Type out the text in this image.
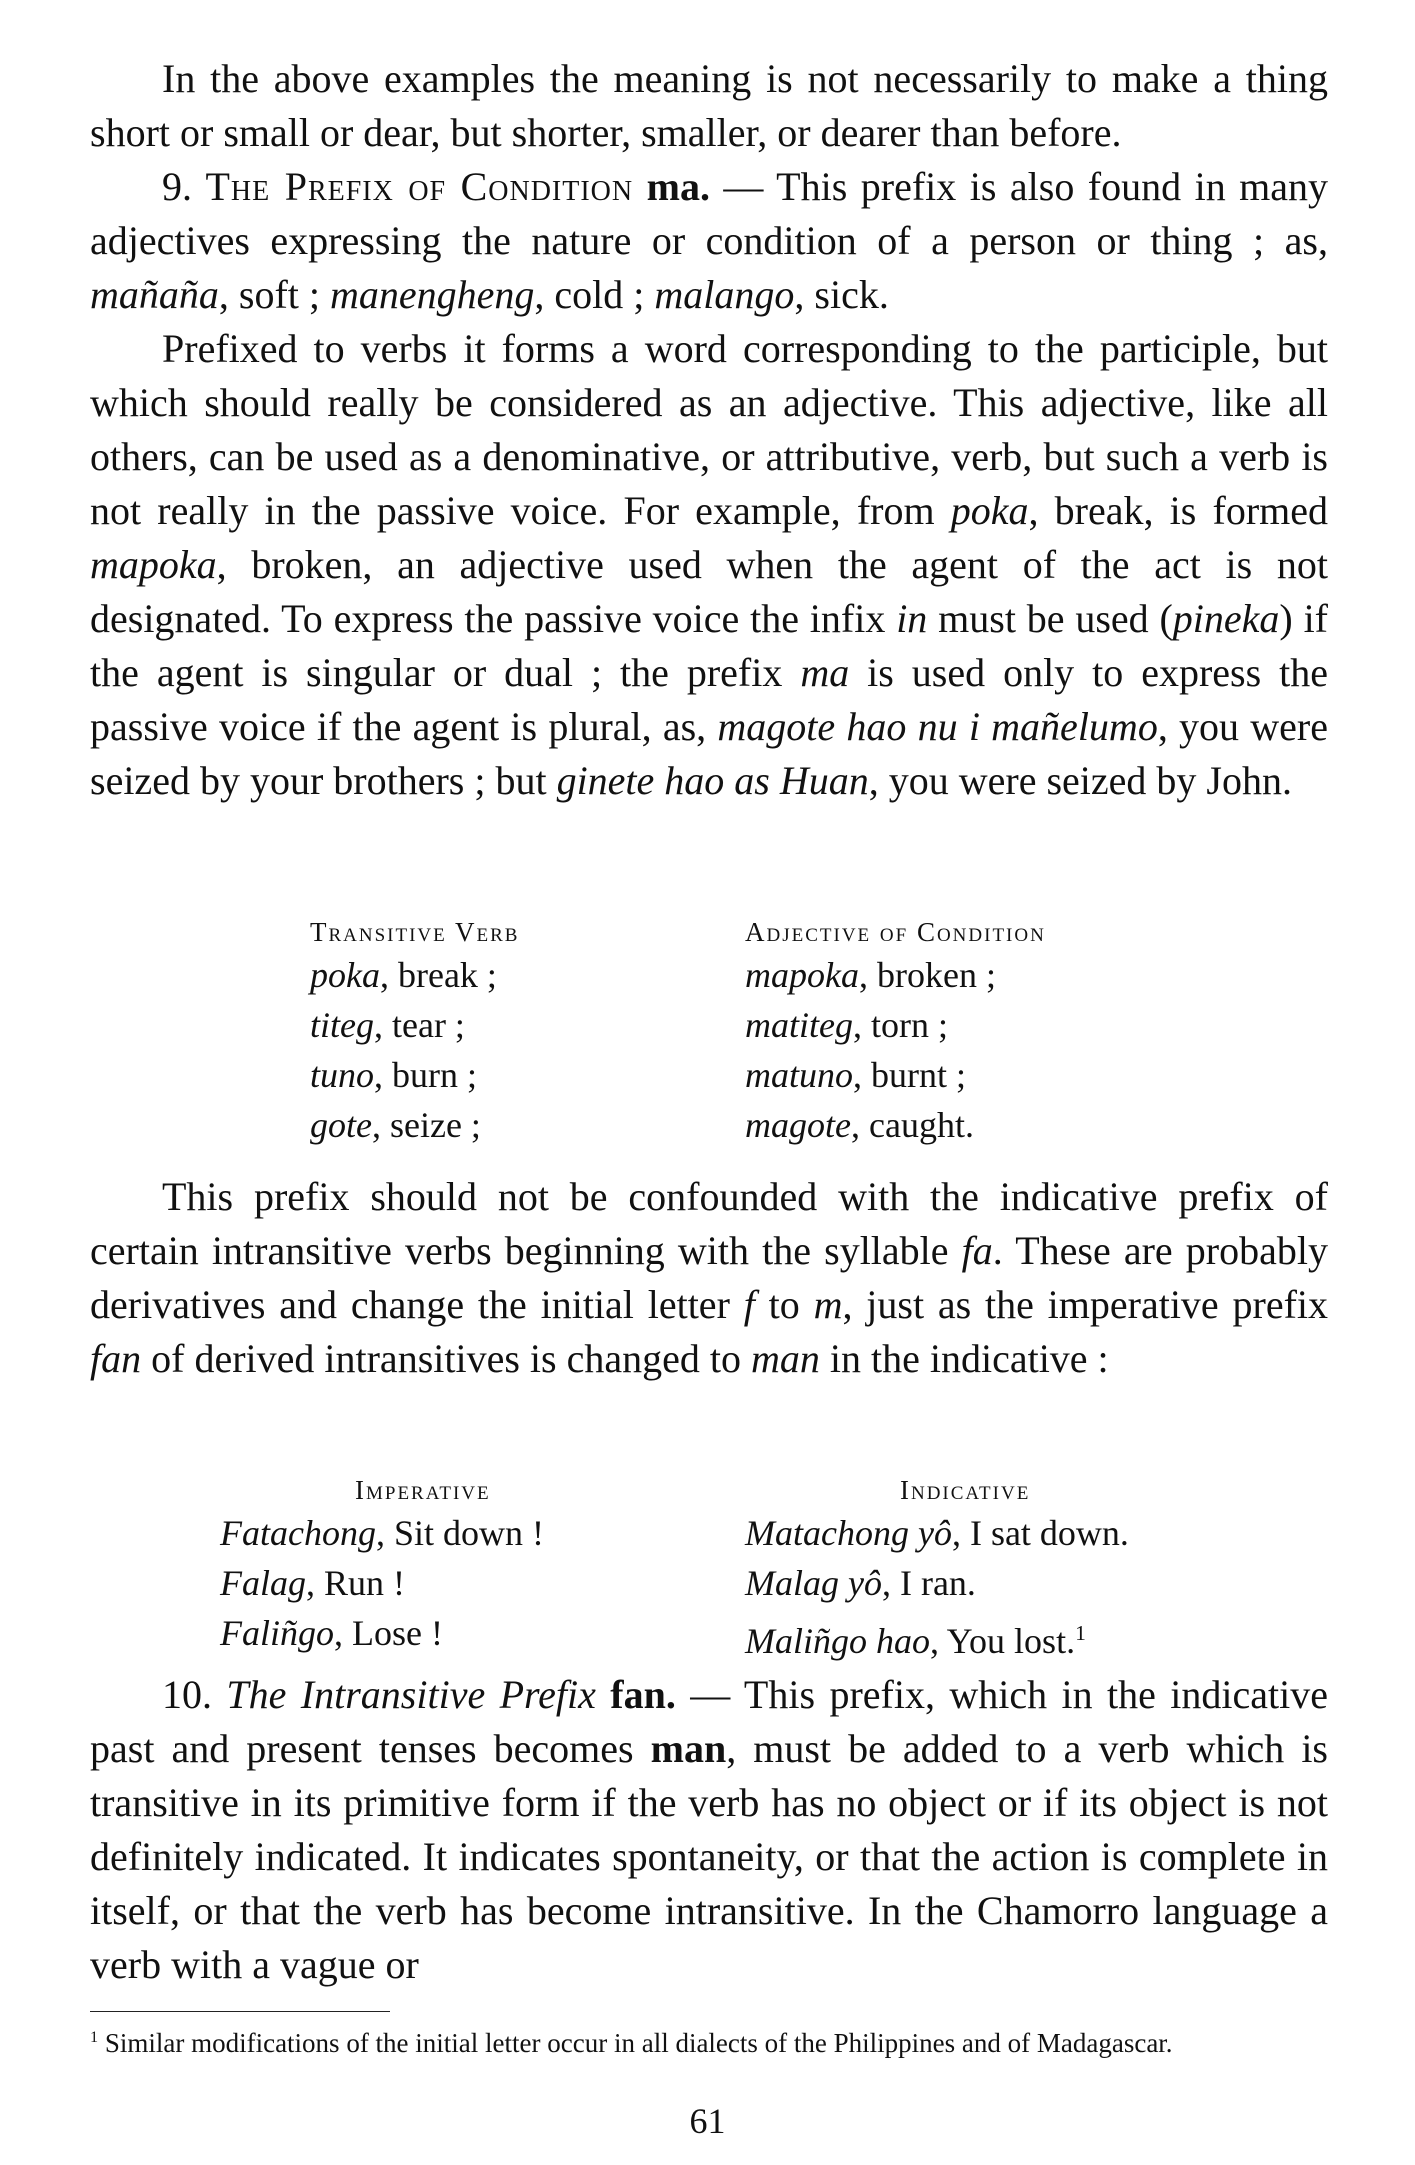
In the above examples the meaning is not necessarily to make a thing short or small or dear, but shorter, smaller, or dearer than before.

9. The Prefix of Condition ma. — This prefix is also found in many adjectives expressing the nature or condition of a person or thing ; as, mañaña, soft ; manengheng, cold ; malango, sick.

Prefixed to verbs it forms a word corresponding to the participle, but which should really be considered as an adjective. This adjective, like all others, can be used as a denominative, or attributive, verb, but such a verb is not really in the passive voice. For example, from poka, break, is formed mapoka, broken, an adjective used when the agent of the act is not designated. To express the passive voice the infix in must be used (pineka) if the agent is singular or dual ; the prefix ma is used only to express the passive voice if the agent is plural, as, magote hao nu i mañelumo, you were seized by your brothers ; but ginete hao as Huan, you were seized by John.

Transitive Verb
poka, break ;
titeg, tear ;
tuno, burn ;
gote, seize ;
Adjective of Condition
mapoka, broken ;
matiteg, torn ;
matuno, burnt ;
magote, caught.

This prefix should not be confounded with the indicative prefix of certain intransitive verbs beginning with the syllable fa. These are probably derivatives and change the initial letter f to m, just as the imperative prefix fan of derived intransitives is changed to man in the indicative :

Imperative
Fatachong, Sit down !
Falag, Run !
Faliñgo, Lose !
Indicative
Matachong yô, I sat down.
Malag yô, I ran.
Maliñgo hao, You lost.$^1$

10. The Intransitive Prefix fan. — This prefix, which in the indicative past and present tenses becomes man, must be added to a verb which is transitive in its primitive form if the verb has no object or if its object is not definitely indicated. It indicates spontaneity, or that the action is complete in itself, or that the verb has become intransitive. In the Chamorro language a verb with a vague or

$^1$ Similar modifications of the initial letter occur in all dialects of the Philippines and of Madagascar.
61
